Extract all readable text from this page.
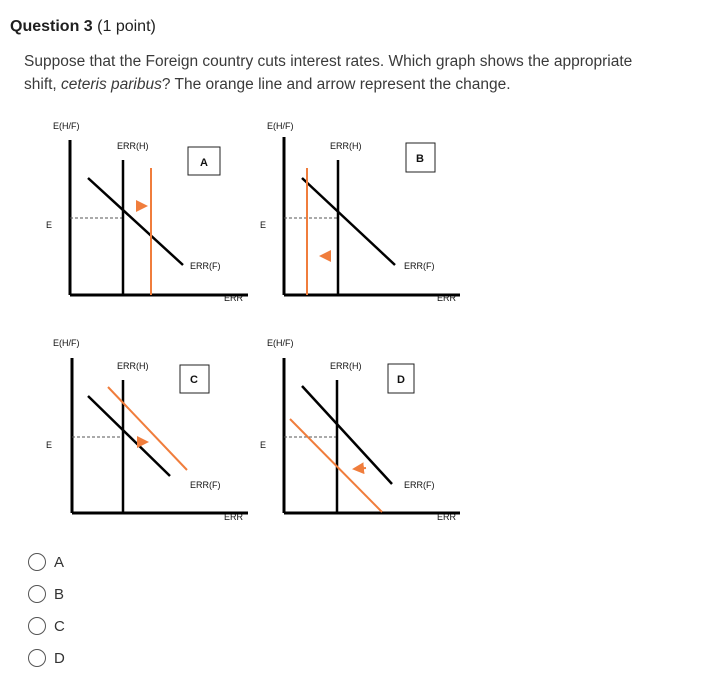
Question 3 (1 point)
Suppose that the Foreign country cuts interest rates. Which graph shows the appropriate shift, ceteris paribus? The orange line and arrow represent the change.
E(H/F)
E
ERR(H)
ERR(F)
ERR
A
E(H/F)
E
ERR(H)
ERR(F)
ERR
B
E(H/F)
E
ERR(H)
ERR(F)
ERR
C
E(H/F)
E
ERR(H)
ERR(F)
ERR
D
A
B
C
D
